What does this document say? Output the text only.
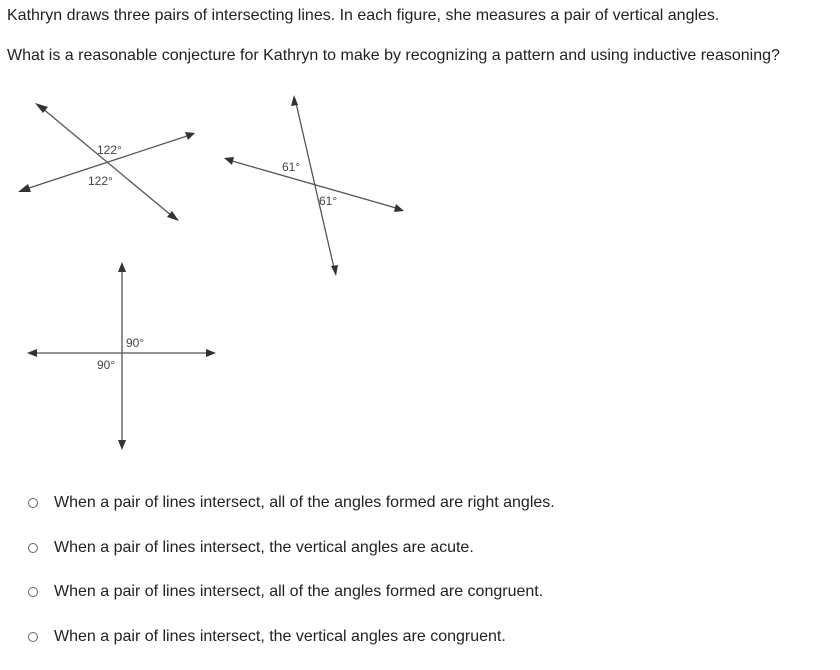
Kathryn draws three pairs of intersecting lines. In each figure, she measures a pair of vertical angles.

What is a reasonable conjecture for Kathryn to make by recognizing a pattern and using inductive reasoning?

122°
122°
61°
61°
90°
90°
When a pair of lines intersect, all of the angles formed are right angles.
When a pair of lines intersect, the vertical angles are acute.
When a pair of lines intersect, all of the angles formed are congruent.
When a pair of lines intersect, the vertical angles are congruent.
